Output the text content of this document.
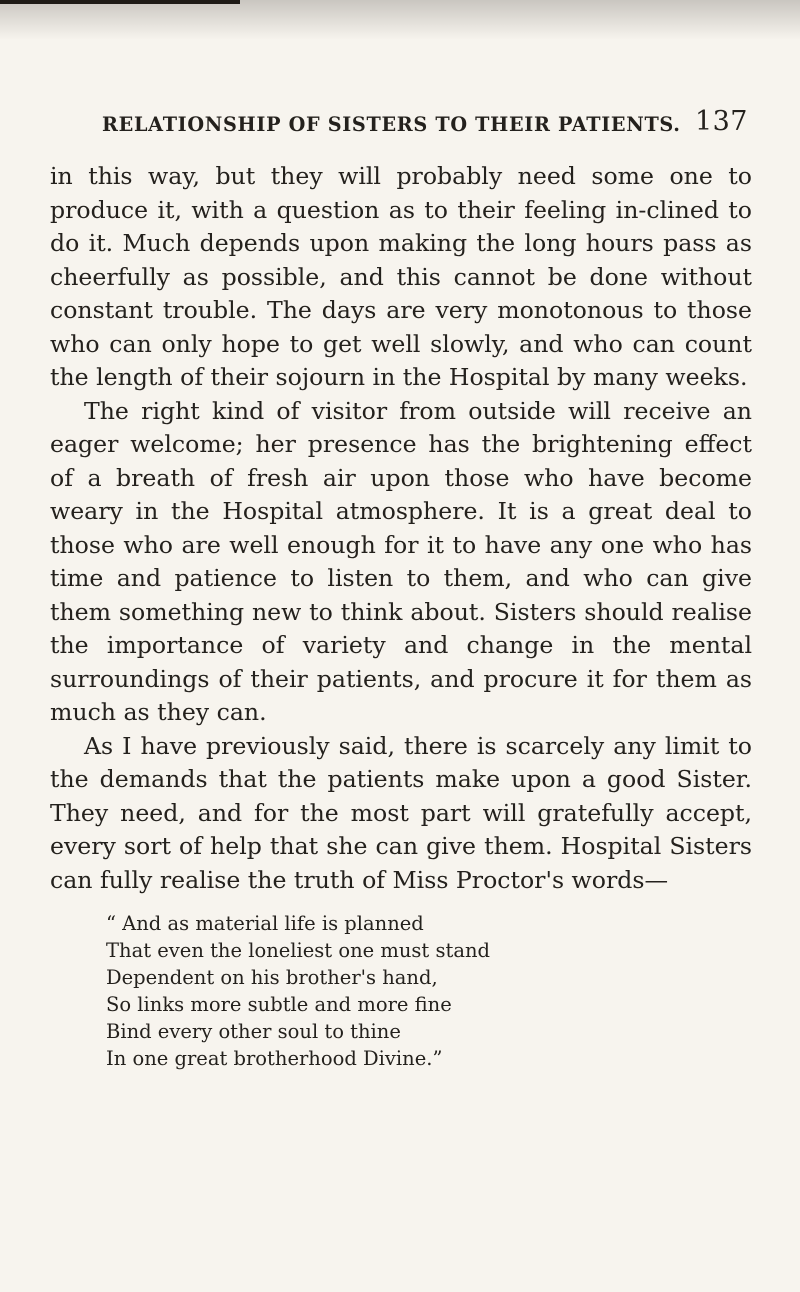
RELATIONSHIP OF SISTERS TO THEIR PATIENTS. 137

in this way, but they will probably need some one to produce it, with a question as to their feeling in-clined to do it. Much depends upon making the long hours pass as cheerfully as possible, and this cannot be done without constant trouble. The days are very monotonous to those who can only hope to get well slowly, and who can count the length of their sojourn in the Hospital by many weeks.

The right kind of visitor from outside will receive an eager welcome; her presence has the brightening effect of a breath of fresh air upon those who have become weary in the Hospital atmosphere. It is a great deal to those who are well enough for it to have any one who has time and patience to listen to them, and who can give them something new to think about. Sisters should realise the importance of variety and change in the mental surroundings of their patients, and procure it for them as much as they can.

As I have previously said, there is scarcely any limit to the demands that the patients make upon a good Sister. They need, and for the most part will gratefully accept, every sort of help that she can give them. Hospital Sisters can fully realise the truth of Miss Proctor's words—

“ And as material life is planned
That even the loneliest one must stand
Dependent on his brother's hand,
So links more subtle and more fine
Bind every other soul to thine
In one great brotherhood Divine.”
